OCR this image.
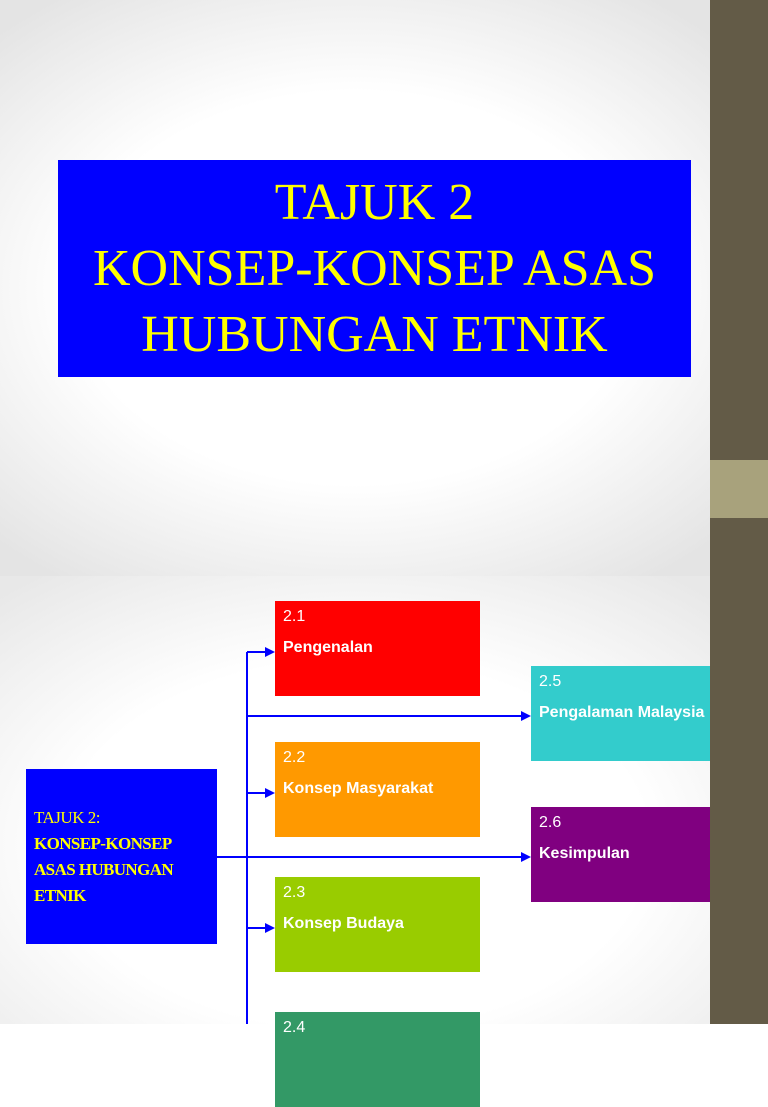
TAJUK 2
KONSEP-KONSEP ASAS
HUBUNGAN ETNIK
TAJUK 2:
KONSEP-KONSEP
ASAS HUBUNGAN
ETNIK
2.1
Pengenalan
2.2
Konsep Masyarakat
2.3
Konsep Budaya
2.4
2.5
Pengalaman Malaysia
2.6
Kesimpulan
